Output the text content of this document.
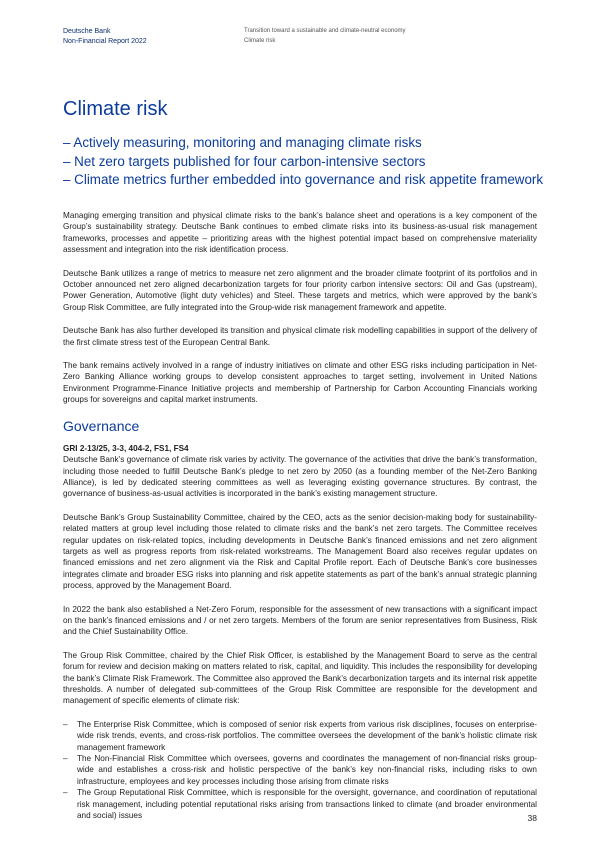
Deutsche Bank
Non-Financial Report 2022
Transition toward a sustainable and climate-neutral economy
Climate risk
Climate risk
– Actively measuring, monitoring and managing climate risks
– Net zero targets published for four carbon-intensive sectors
– Climate metrics further embedded into governance and risk appetite framework

Managing emerging transition and physical climate risks to the bank’s balance sheet and operations is a key component of the Group’s sustainability strategy. Deutsche Bank continues to embed climate risks into its business-as-usual risk management frameworks, processes and appetite – prioritizing areas with the highest potential impact based on comprehensive materiality assessment and integration into the risk identification process.

Deutsche Bank utilizes a range of metrics to measure net zero alignment and the broader climate footprint of its portfolios and in October announced net zero aligned decarbonization targets for four priority carbon intensive sectors: Oil and Gas (upstream), Power Generation, Automotive (light duty vehicles) and Steel. These targets and metrics, which were approved by the bank’s Group Risk Committee, are fully integrated into the Group-wide risk management framework and appetite.

Deutsche Bank has also further developed its transition and physical climate risk modelling capabilities in support of the delivery of the first climate stress test of the European Central Bank.

The bank remains actively involved in a range of industry initiatives on climate and other ESG risks including participation in Net-Zero Banking Alliance working groups to develop consistent approaches to target setting, involvement in United Nations Environment Programme-Finance Initiative projects and membership of Partnership for Carbon Accounting Financials working groups for sovereigns and capital market instruments.

Governance

GRI 2-13/25, 3-3, 404-2, FS1, FS4

Deutsche Bank’s governance of climate risk varies by activity. The governance of the activities that drive the bank’s transformation, including those needed to fulfill Deutsche Bank’s pledge to net zero by 2050 (as a founding member of the Net-Zero Banking Alliance), is led by dedicated steering committees as well as leveraging existing governance structures. By contrast, the governance of business-as-usual activities is incorporated in the bank’s existing management structure.

Deutsche Bank’s Group Sustainability Committee, chaired by the CEO, acts as the senior decision-making body for sustainability-related matters at group level including those related to climate risks and the bank’s net zero targets. The Committee receives regular updates on risk-related topics, including developments in Deutsche Bank’s financed emissions and net zero alignment targets as well as progress reports from risk-related workstreams. The Management Board also receives regular updates on financed emissions and net zero alignment via the Risk and Capital Profile report. Each of Deutsche Bank’s core businesses integrates climate and broader ESG risks into planning and risk appetite statements as part of the bank’s annual strategic planning process, approved by the Management Board.

In 2022 the bank also established a Net-Zero Forum, responsible for the assessment of new transactions with a significant impact on the bank’s financed emissions and / or net zero targets. Members of the forum are senior representatives from Business, Risk and the Chief Sustainability Office.

The Group Risk Committee, chaired by the Chief Risk Officer, is established by the Management Board to serve as the central forum for review and decision making on matters related to risk, capital, and liquidity. This includes the responsibility for developing the bank’s Climate Risk Framework. The Committee also approved the Bank’s decarbonization targets and its internal risk appetite thresholds. A number of delegated sub-committees of the Group Risk Committee are responsible for the development and management of specific elements of climate risk:

– The Enterprise Risk Committee, which is composed of senior risk experts from various risk disciplines, focuses on enterprise-wide risk trends, events, and cross-risk portfolios. The committee oversees the development of the bank’s holistic climate risk management framework
– The Non-Financial Risk Committee which oversees, governs and coordinates the management of non-financial risks group-wide and establishes a cross-risk and holistic perspective of the bank’s key non-financial risks, including risks to own infrastructure, employees and key processes including those arising from climate risks
– The Group Reputational Risk Committee, which is responsible for the oversight, governance, and coordination of reputational risk management, including potential reputational risks arising from transactions linked to climate (and broader environmental and social) issues	38
